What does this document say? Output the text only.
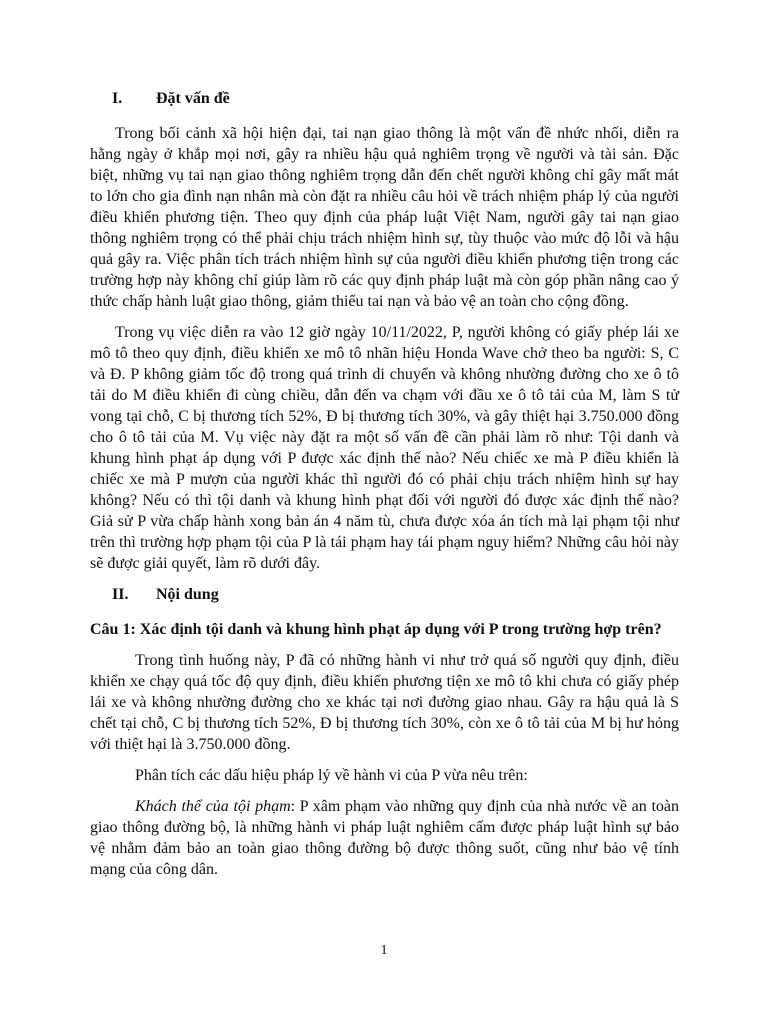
I.	Đặt vấn đề

Trong bối cảnh xã hội hiện đại, tai nạn giao thông là một vấn đề nhức nhối, diễn ra hằng ngày ở khắp mọi nơi, gây ra nhiều hậu quả nghiêm trọng về người và tài sản. Đặc biệt, những vụ tai nạn giao thông nghiêm trọng dẫn đến chết người không chỉ gây mất mát to lớn cho gia đình nạn nhân mà còn đặt ra nhiều câu hỏi về trách nhiệm pháp lý của người điều khiển phương tiện. Theo quy định của pháp luật Việt Nam, người gây tai nạn giao thông nghiêm trọng có thể phải chịu trách nhiệm hình sự, tùy thuộc vào mức độ lỗi và hậu quả gây ra. Việc phân tích trách nhiệm hình sự của người điều khiển phương tiện trong các trường hợp này không chỉ giúp làm rõ các quy định pháp luật mà còn góp phần nâng cao ý thức chấp hành luật giao thông, giảm thiểu tai nạn và bảo vệ an toàn cho cộng đồng.

Trong vụ việc diễn ra vào 12 giờ ngày 10/11/2022, P, người không có giấy phép lái xe mô tô theo quy định, điều khiển xe mô tô nhãn hiệu Honda Wave chở theo ba người: S, C và Đ. P không giảm tốc độ trong quá trình di chuyển và không nhường đường cho xe ô tô tải do M điều khiển đi cùng chiều, dẫn đến va chạm với đầu xe ô tô tải của M, làm S tử vong tại chỗ, C bị thương tích 52%, Đ bị thương tích 30%, và gây thiệt hại 3.750.000 đồng cho ô tô tải của M. Vụ việc này đặt ra một số vấn đề cần phải làm rõ như: Tội danh và khung hình phạt áp dụng với P được xác định thế nào? Nếu chiếc xe mà P điều khiển là chiếc xe mà P mượn của người khác thì người đó có phải chịu trách nhiệm hình sự hay không? Nếu có thì tội danh và khung hình phạt đối với người đó được xác định thế nào? Giả sử P vừa chấp hành xong bản án 4 năm tù, chưa được xóa án tích mà lại phạm tội như trên thì trường hợp phạm tội của P là tái phạm hay tái phạm nguy hiểm? Những câu hỏi này sẽ được giải quyết, làm rõ dưới đây.

II.	Nội dung

Câu 1: Xác định tội danh và khung hình phạt áp dụng với P trong trường hợp trên?

Trong tình huống này, P đã có những hành vi như trở quá số người quy định, điều khiển xe chạy quá tốc độ quy định, điều khiển phương tiện xe mô tô khi chưa có giấy phép lái xe và không nhường đường cho xe khác tại nơi đường giao nhau. Gây ra hậu quả là S chết tại chỗ, C bị thương tích 52%, Đ bị thương tích 30%, còn xe ô tô tải của M bị hư hỏng với thiệt hại là 3.750.000 đồng.

Phân tích các dấu hiệu pháp lý về hành vi của P vừa nêu trên:

Khách thể của tội phạm: P xâm phạm vào những quy định của nhà nước về an toàn giao thông đường bộ, là những hành vi pháp luật nghiêm cấm được pháp luật hình sự bảo vệ nhằm đảm bảo an toàn giao thông đường bộ được thông suốt, cũng như bảo vệ tính mạng của công dân.

1
